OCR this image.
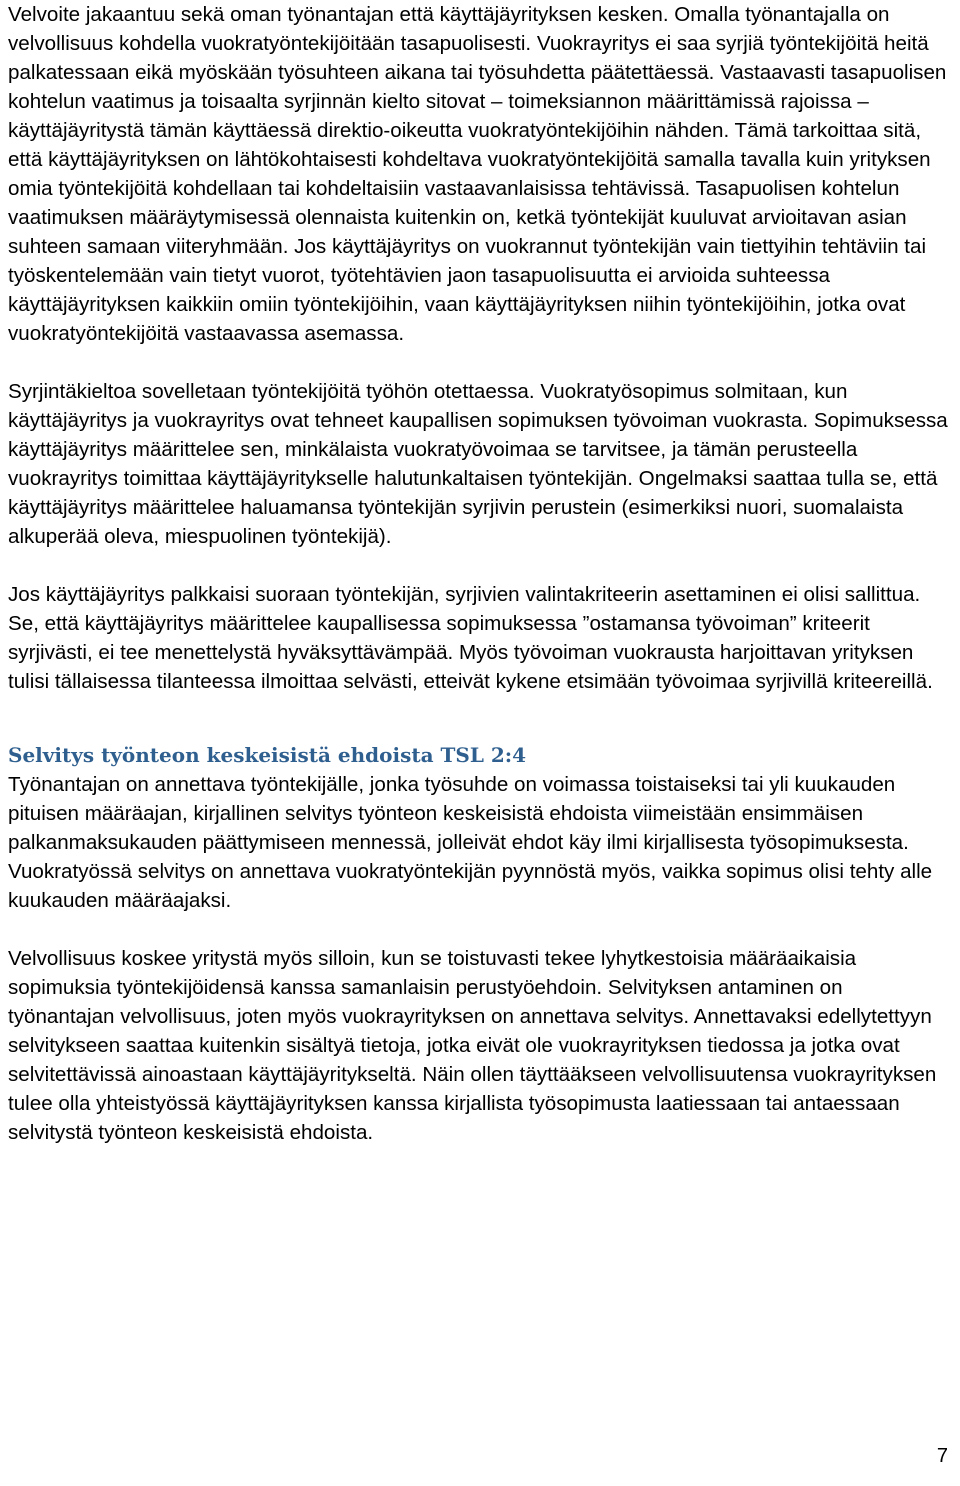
Velvoite jakaantuu sekä oman työnantajan että käyttäjäyrityksen kesken. Omalla työnantajalla on velvollisuus kohdella vuokratyöntekijöitään tasapuolisesti. Vuokrayritys ei saa syrjiä työntekijöitä heitä palkatessaan eikä myöskään työsuhteen aikana tai työsuhdetta päätettäessä. Vastaavasti tasapuolisen kohtelun vaatimus ja toisaalta syrjinnän kielto sitovat – toimeksiannon määrittämissä rajoissa – käyttäjäyritystä tämän käyttäessä direktio-oikeutta vuokratyöntekijöihin nähden. Tämä tarkoittaa sitä, että käyttäjäyrityksen on lähtökohtaisesti kohdeltava vuokratyöntekijöitä samalla tavalla kuin yrityksen omia työntekijöitä kohdellaan tai kohdeltaisiin vastaavanlaisissa tehtävissä. Tasapuolisen kohtelun vaatimuksen määräytymisessä olennaista kuitenkin on, ketkä työntekijät kuuluvat arvioitavan asian suhteen samaan viiteryhmään. Jos käyttäjäyritys on vuokrannut työntekijän vain tiettyihin tehtäviin tai työskentelemään vain tietyt vuorot, työtehtävien jaon tasapuolisuutta ei arvioida suhteessa käyttäjäyrityksen kaikkiin omiin työntekijöihin, vaan käyttäjäyrityksen niihin työntekijöihin, jotka ovat vuokratyöntekijöitä vastaavassa asemassa.

Syrjintäkieltoa sovelletaan työntekijöitä työhön otettaessa. Vuokratyösopimus solmitaan, kun käyttäjäyritys ja vuokrayritys ovat tehneet kaupallisen sopimuksen työvoiman vuokrasta. Sopimuksessa käyttäjäyritys määrittelee sen, minkälaista vuokratyövoimaa se tarvitsee, ja tämän perusteella vuokrayritys toimittaa käyttäjäyritykselle halutunkaltaisen työntekijän. Ongelmaksi saattaa tulla se, että käyttäjäyritys määrittelee haluamansa työntekijän syrjivin perustein (esimerkiksi nuori, suomalaista alkuperää oleva, miespuolinen työntekijä).

Jos käyttäjäyritys palkkaisi suoraan työntekijän, syrjivien valintakriteerin asettaminen ei olisi sallittua. Se, että käyttäjäyritys määrittelee kaupallisessa sopimuksessa ”ostamansa työvoiman” kriteerit syrjivästi, ei tee menettelystä hyväksyttävämpää. Myös työvoiman vuokrausta harjoittavan yrityksen tulisi tällaisessa tilanteessa ilmoittaa selvästi, etteivät kykene etsimään työvoimaa syrjivillä kriteereillä.

Selvitys työnteon keskeisistä ehdoista TSL 2:4

Työnantajan on annettava työntekijälle, jonka työsuhde on voimassa toistaiseksi tai yli kuukauden pituisen määräajan, kirjallinen selvitys työnteon keskeisistä ehdoista viimeistään ensimmäisen palkanmaksukauden päättymiseen mennessä, jolleivät ehdot käy ilmi kirjallisesta työsopimuksesta. Vuokratyössä selvitys on annettava vuokratyöntekijän pyynnöstä myös, vaikka sopimus olisi tehty alle kuukauden määräajaksi.

Velvollisuus koskee yritystä myös silloin, kun se toistuvasti tekee lyhytkestoisia määräaikaisia sopimuksia työntekijöidensä kanssa samanlaisin perustyöehdoin. Selvityksen antaminen on työnantajan velvollisuus, joten myös vuokrayrityksen on annettava selvitys. Annettavaksi edellytettyyn selvitykseen saattaa kuitenkin sisältyä tietoja, jotka eivät ole vuokrayrityksen tiedossa ja jotka ovat selvitettävissä ainoastaan käyttäjäyritykseltä. Näin ollen täyttääkseen velvollisuutensa vuokrayrityksen tulee olla yhteistyössä käyttäjäyrityksen kanssa kirjallista työsopimusta laatiessaan tai antaessaan selvitystä työnteon keskeisistä ehdoista.

7
